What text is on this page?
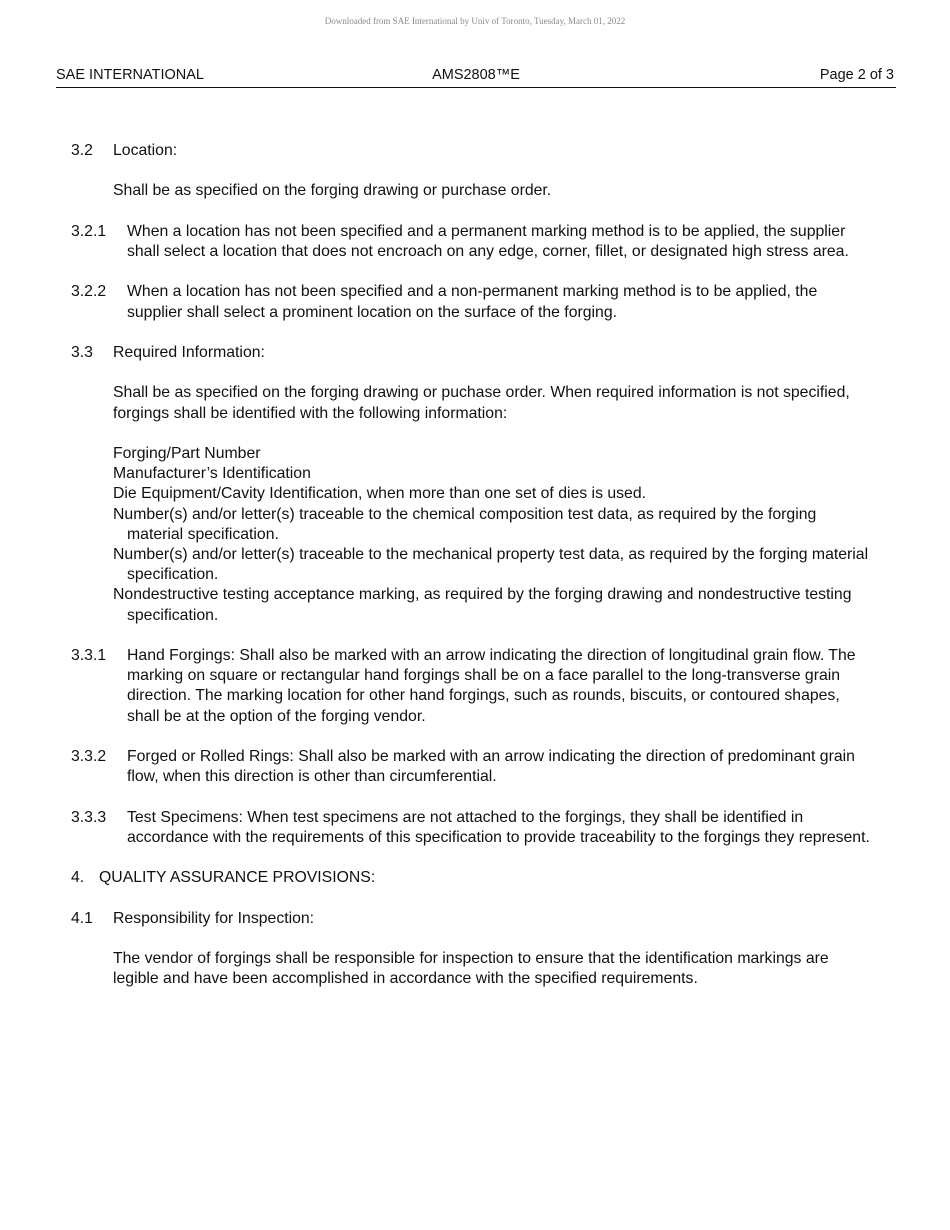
Downloaded from SAE International by Univ of Toronto, Tuesday, March 01, 2022
SAE INTERNATIONAL	AMS2808™E	Page 2 of 3
3.2 Location:
Shall be as specified on the forging drawing or purchase order.
3.2.1 When a location has not been specified and a permanent marking method is to be applied, the supplier shall select a location that does not encroach on any edge, corner, fillet, or designated high stress area.
3.2.2 When a location has not been specified and a non-permanent marking method is to be applied, the supplier shall select a prominent location on the surface of the forging.
3.3 Required Information:
Shall be as specified on the forging drawing or puchase order. When required information is not specified, forgings shall be identified with the following information:
Forging/Part Number
Manufacturer’s Identification
Die Equipment/Cavity Identification, when more than one set of dies is used.
Number(s) and/or letter(s) traceable to the chemical composition test data, as required by the forging material specification.
Number(s) and/or letter(s) traceable to the mechanical property test data, as required by the forging material specification.
Nondestructive testing acceptance marking, as required by the forging drawing and nondestructive testing specification.
3.3.1 Hand Forgings: Shall also be marked with an arrow indicating the direction of longitudinal grain flow. The marking on square or rectangular hand forgings shall be on a face parallel to the long-transverse grain direction. The marking location for other hand forgings, such as rounds, biscuits, or contoured shapes, shall be at the option of the forging vendor.
3.3.2 Forged or Rolled Rings: Shall also be marked with an arrow indicating the direction of predominant grain flow, when this direction is other than circumferential.
3.3.3 Test Specimens: When test specimens are not attached to the forgings, they shall be identified in accordance with the requirements of this specification to provide traceability to the forgings they represent.
4. QUALITY ASSURANCE PROVISIONS:
4.1 Responsibility for Inspection:
The vendor of forgings shall be responsible for inspection to ensure that the identification markings are legible and have been accomplished in accordance with the specified requirements.
